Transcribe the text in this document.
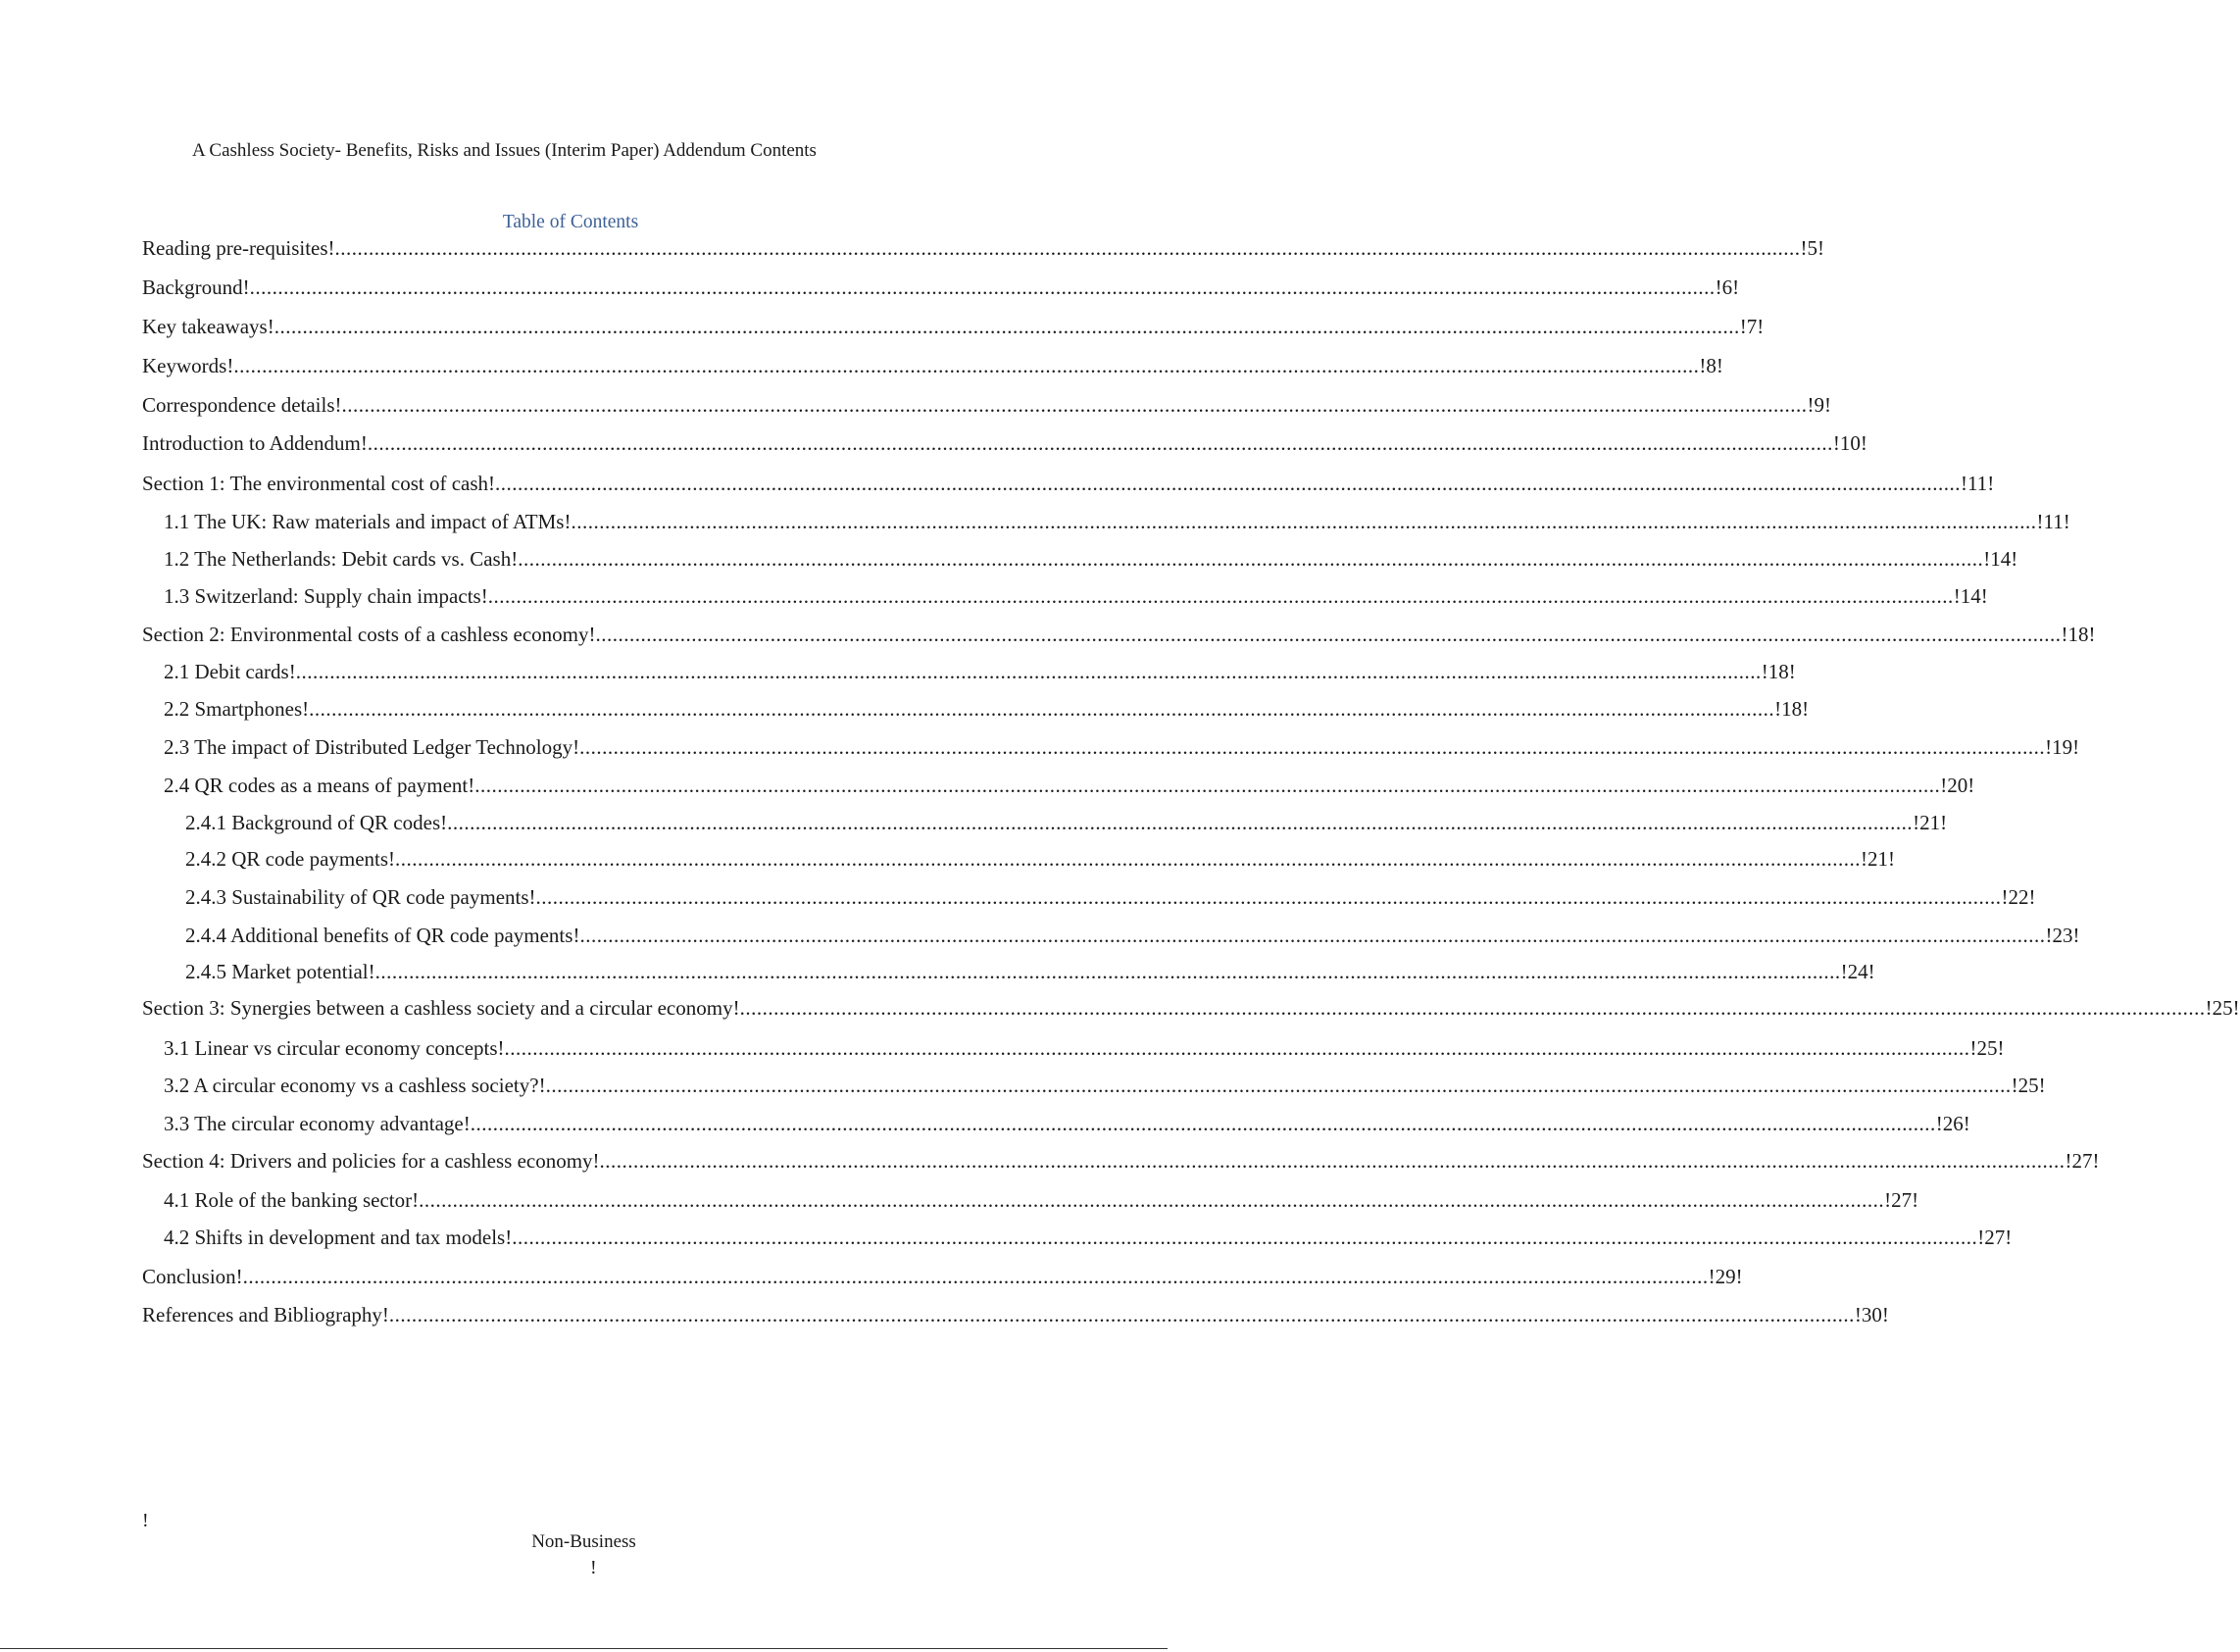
A Cashless Society- Benefits, Risks and Issues (Interim Paper) Addendum Contents
Table of Contents
Reading pre-requisites ! .................................................................................................................................................................................................................................................................... ! 5 !
Background ! .................................................................................................................................................................................................................................................................... ! 6 !
Key takeaways ! .................................................................................................................................................................................................................................................................... ! 7 !
Keywords ! .................................................................................................................................................................................................................................................................... ! 8 !
Correspondence details ! .................................................................................................................................................................................................................................................................... ! 9 !
Introduction to Addendum ! .................................................................................................................................................................................................................................................................... ! 10 !
Section 1: The environmental cost of cash ! .................................................................................................................................................................................................................................................................... ! 11 !
1.1 The UK: Raw materials and impact of ATMs ! .................................................................................................................................................................................................................................................................... ! 11 !
1.2 The Netherlands: Debit cards vs. Cash ! .................................................................................................................................................................................................................................................................... ! 14 !
1.3 Switzerland: Supply chain impacts ! .................................................................................................................................................................................................................................................................... ! 14 !
Section 2: Environmental costs of a cashless economy ! .................................................................................................................................................................................................................................................................... ! 18 !
2.1 Debit cards ! .................................................................................................................................................................................................................................................................... ! 18 !
2.2 Smartphones ! .................................................................................................................................................................................................................................................................... ! 18 !
2.3 The impact of Distributed Ledger Technology ! .................................................................................................................................................................................................................................................................... ! 19 !
2.4 QR codes as a means of payment ! .................................................................................................................................................................................................................................................................... ! 20 !
2.4.1 Background of QR codes ! .................................................................................................................................................................................................................................................................... ! 21 !
2.4.2 QR code payments ! .................................................................................................................................................................................................................................................................... ! 21 !
2.4.3 Sustainability of QR code payments ! .................................................................................................................................................................................................................................................................... ! 22 !
2.4.4 Additional benefits of QR code payments ! .................................................................................................................................................................................................................................................................... ! 23 !
2.4.5 Market potential ! .................................................................................................................................................................................................................................................................... ! 24 !
Section 3: Synergies between a cashless society and a circular economy ! .................................................................................................................................................................................................................................................................... ! 25 !
3.1 Linear vs circular economy concepts ! .................................................................................................................................................................................................................................................................... ! 25 !
3.2 A circular economy vs a cashless society? ! .................................................................................................................................................................................................................................................................... ! 25 !
3.3 The circular economy advantage ! .................................................................................................................................................................................................................................................................... ! 26 !
Section 4: Drivers and policies for a cashless economy ! .................................................................................................................................................................................................................................................................... ! 27 !
4.1 Role of the banking sector ! .................................................................................................................................................................................................................................................................... ! 27 !
4.2 Shifts in development and tax models ! .................................................................................................................................................................................................................................................................... ! 27 !
Conclusion ! .................................................................................................................................................................................................................................................................... ! 29 !
References and Bibliography ! .................................................................................................................................................................................................................................................................... ! 30 !
!
Non-Business
!
